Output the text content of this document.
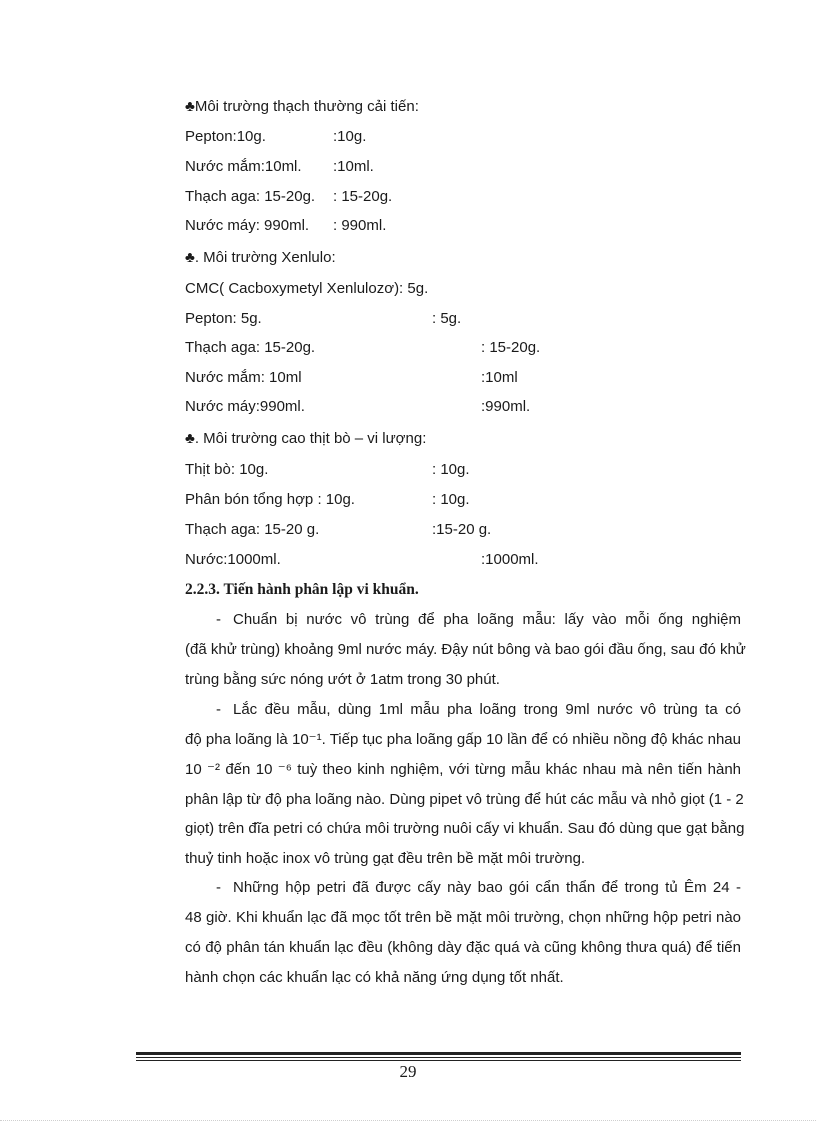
♣Môi trường thạch thường cải tiến:
Pepton:10g.	:10g.
Nước mắm:10ml. :10ml.
Thạch aga: 15-20g. : 15-20g.
Nước máy: 990ml. : 990ml.
♣. Môi trường Xenlulo:
CMC( Cacboxymetyl Xenlulozơ): 5g.
Pepton: 5g.	: 5g.
Thạch aga: 15-20g.	: 15-20g.
Nước mắm: 10ml	:10ml
Nước máy:990ml.	:990ml.
♣. Môi trường cao thịt bò – vi lượng:
Thịt bò: 10g.	: 10g.
Phân bón tổng hợp : 10g.	: 10g.
Thạch aga: 15-20 g.	:15-20 g.
Nước:1000ml.	:1000ml.
2.2.3. Tiến hành phân lập vi khuẩn.
- Chuẩn bị nước vô trùng để pha loãng mẫu: lấy vào mỗi ống nghiệm
(đã khử trùng) khoảng 9ml nước máy. Đậy nút bông và bao gói đầu ống, sau đó khử
trùng bằng sức nóng ướt ở 1atm trong 30 phút.
- Lắc đều mẫu, dùng 1ml mẫu pha loãng trong 9ml nước vô trùng ta có
độ pha loãng là 10⁻¹. Tiếp tục pha loãng gấp 10 lần để có nhiều nồng độ khác nhau
10 ⁻² đến 10 ⁻⁶ tuỳ theo kinh nghiệm, với từng mẫu khác nhau mà nên tiến hành
phân lập từ độ pha loãng nào. Dùng pipet vô trùng để hút các mẫu và nhỏ giọt (1 - 2
giọt) trên đĩa petri có chứa môi trường nuôi cấy vi khuẩn. Sau đó dùng que gạt bằng
thuỷ tinh hoặc inox vô trùng gạt đều trên bề mặt môi trường.
- Những hộp petri đã được cấy này bao gói cẩn thẩn để trong tủ Êm 24 -
48 giờ. Khi khuẩn lạc đã mọc tốt trên bề mặt môi trường, chọn những hộp petri nào
có độ phân tán khuẩn lạc đều (không dày đặc quá và cũng không thưa quá) để tiến
hành chọn các khuẩn lạc có khả năng ứng dụng tốt nhất.
29
